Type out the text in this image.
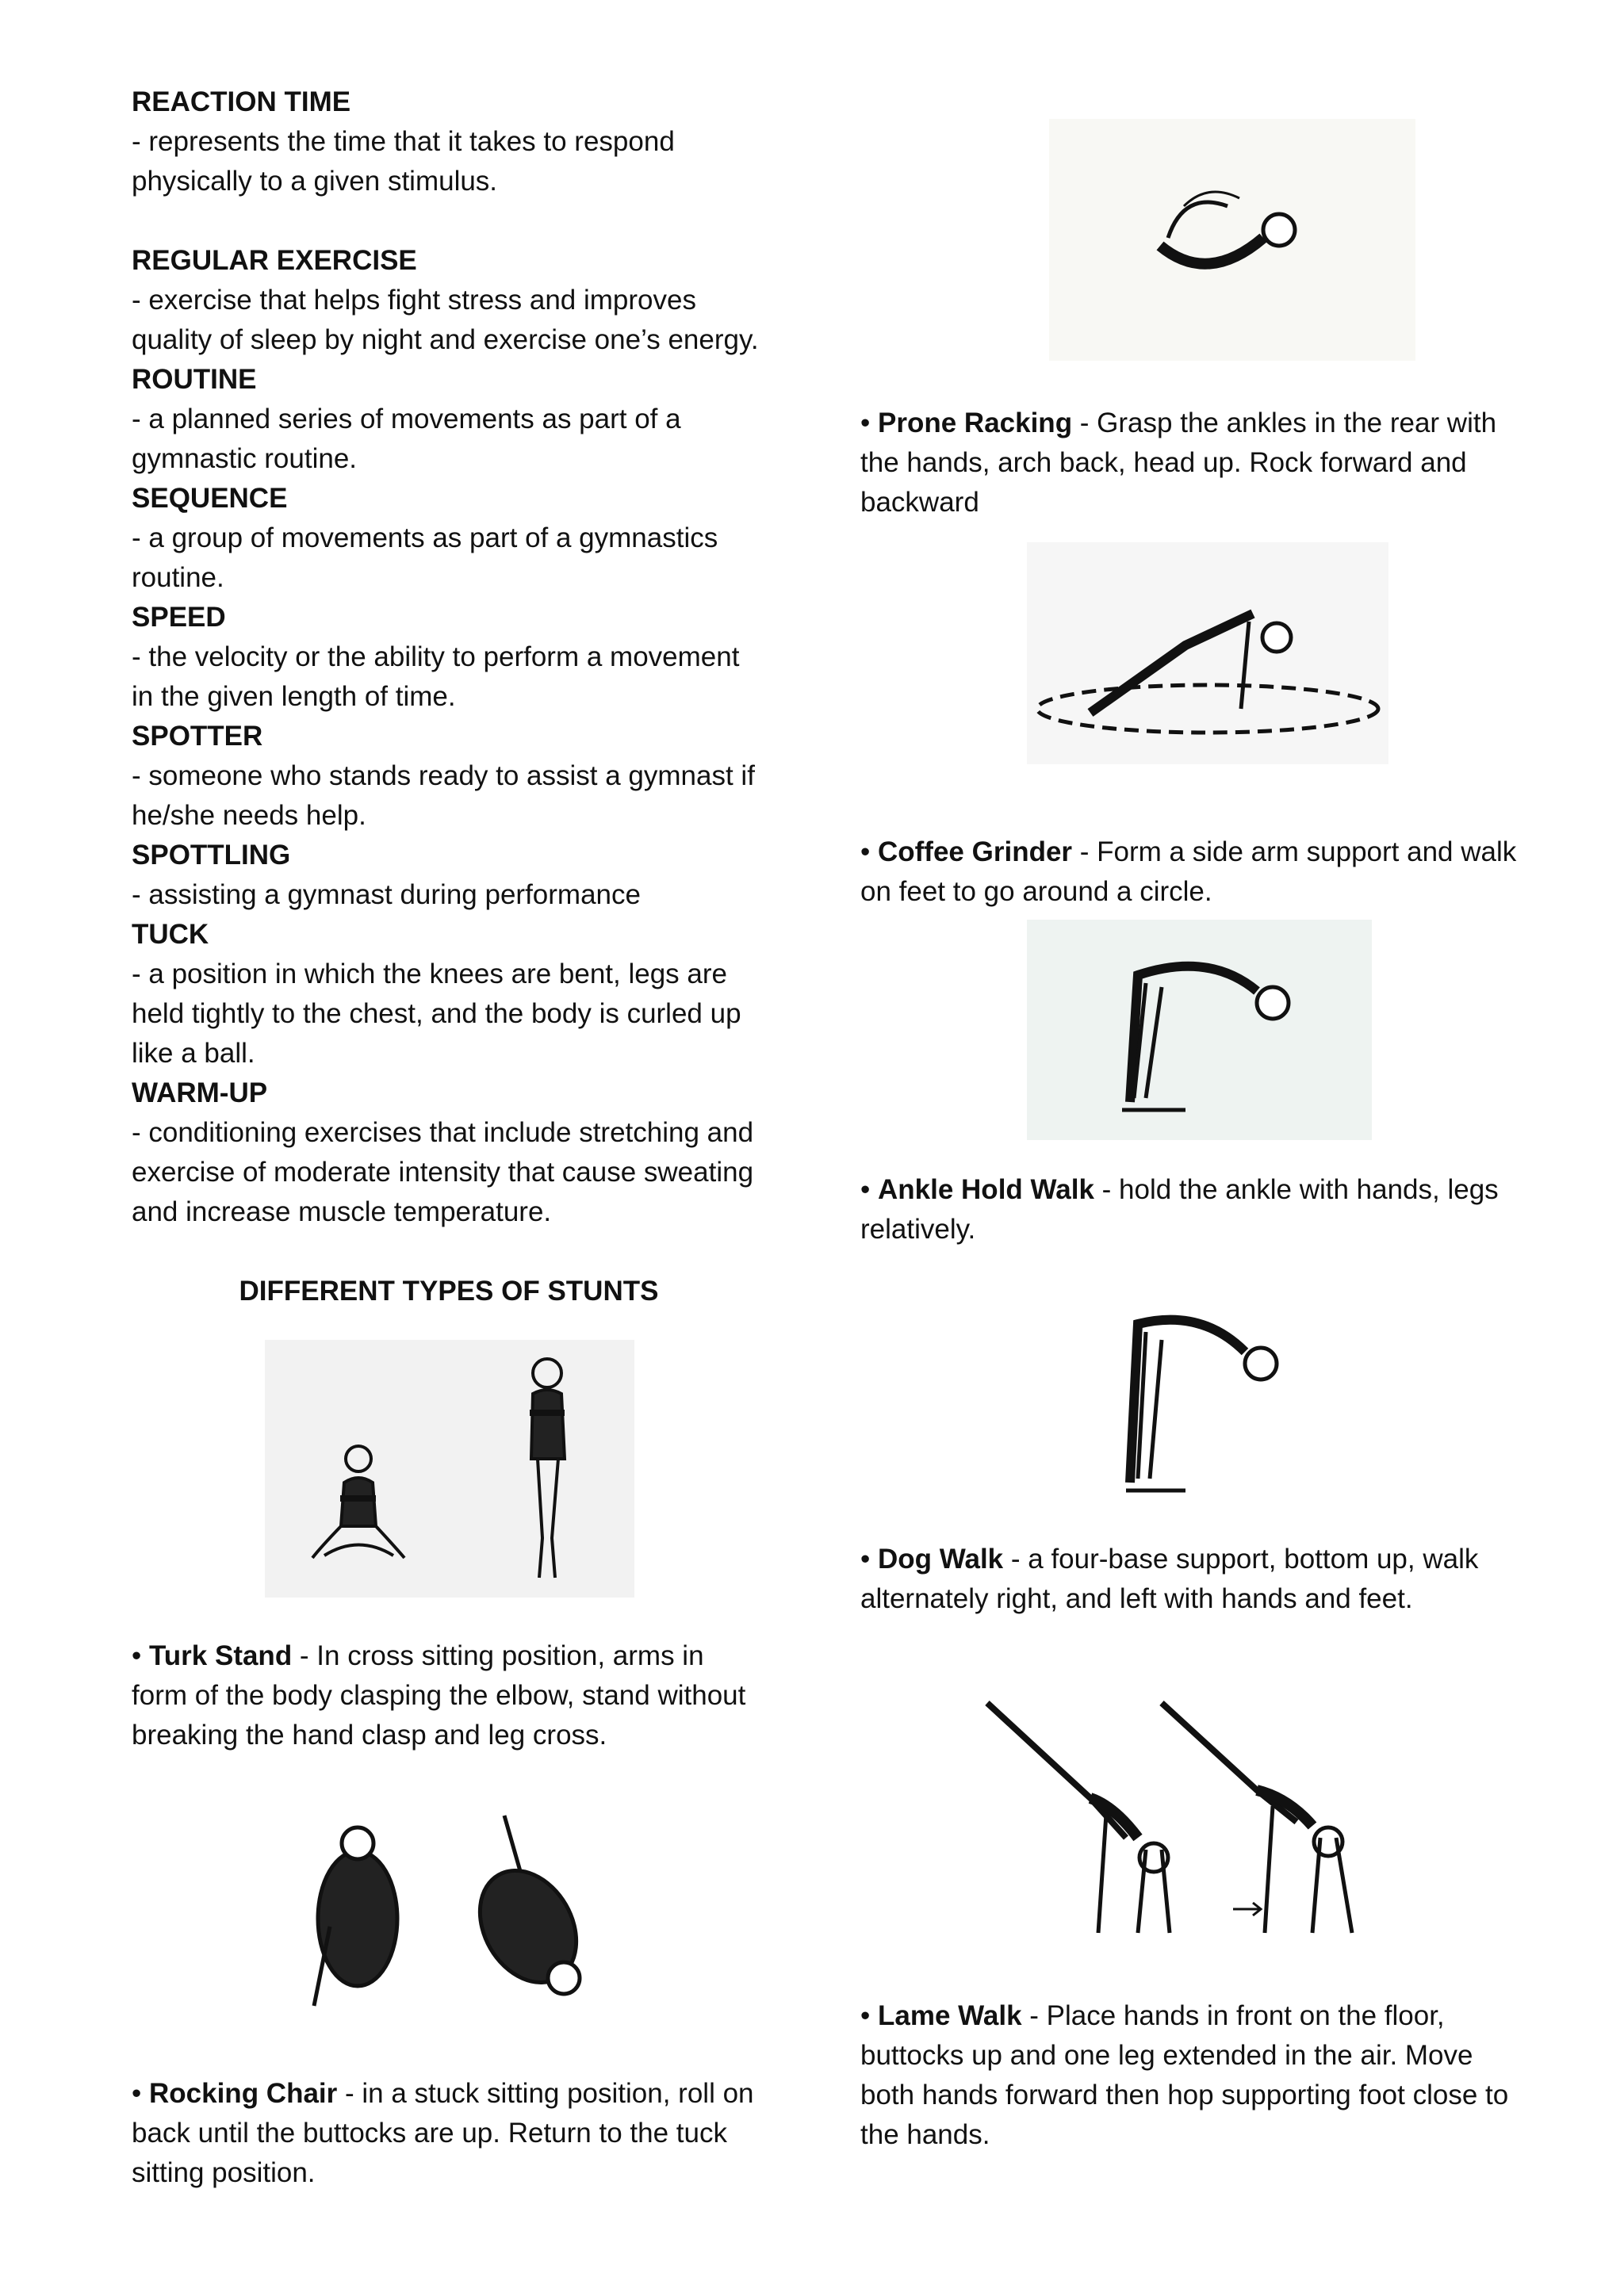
REACTION TIME
- represents the time that it takes to respond physically to a given stimulus.
REGULAR EXERCISE
- exercise that helps fight stress and improves quality of sleep by night and exercise one’s energy.
ROUTINE
- a planned series of movements as part of a gymnastic routine.
SEQUENCE
- a group of movements as part of a gymnastics routine.
SPEED
- the velocity or the ability to perform a movement in the given length of time.
SPOTTER
- someone who stands ready to assist a gymnast if he/she needs help.
SPOTTLING
- assisting a gymnast during performance
TUCK
- a position in which the knees are bent, legs are held tightly to the chest, and the body is curled up like a ball.
WARM-UP
- conditioning exercises that include stretching and exercise of moderate intensity that cause sweating and increase muscle temperature.
DIFFERENT TYPES OF STUNTS
• Turk Stand - In cross sitting position, arms in form of the body clasping the elbow, stand without breaking the hand clasp and leg cross.
• Rocking Chair - in a stuck sitting position, roll on back until the buttocks are up. Return to the tuck sitting position.
• Prone Racking - Grasp the ankles in the rear with the hands, arch back, head up. Rock forward and backward
• Coffee Grinder - Form a side arm support and walk on feet to go around a circle.
• Ankle Hold Walk - hold the ankle with hands, legs relatively.
• Dog Walk - a four-base support, bottom up, walk alternately right, and left with hands and feet.
• Lame Walk - Place hands in front on the floor, buttocks up and one leg extended in the air. Move both hands forward then hop supporting foot close to the hands.
